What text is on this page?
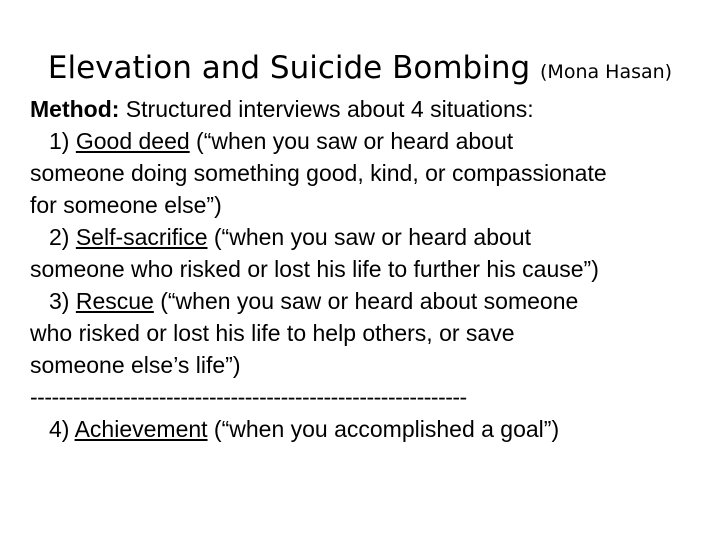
Elevation and Suicide Bombing (Mona Hasan)
Method: Structured interviews about 4 situations:
1) Good deed (“when you saw or heard about
someone doing something good, kind, or compassionate
for someone else”)
2) Self-sacrifice (“when you saw or heard about
someone who risked or lost his life to further his cause”)
3) Rescue (“when you saw or heard about someone
who risked or lost his life to help others, or save
someone else’s life”)
-------------------------------------------------------------
4) Achievement (“when you accomplished a goal”)
